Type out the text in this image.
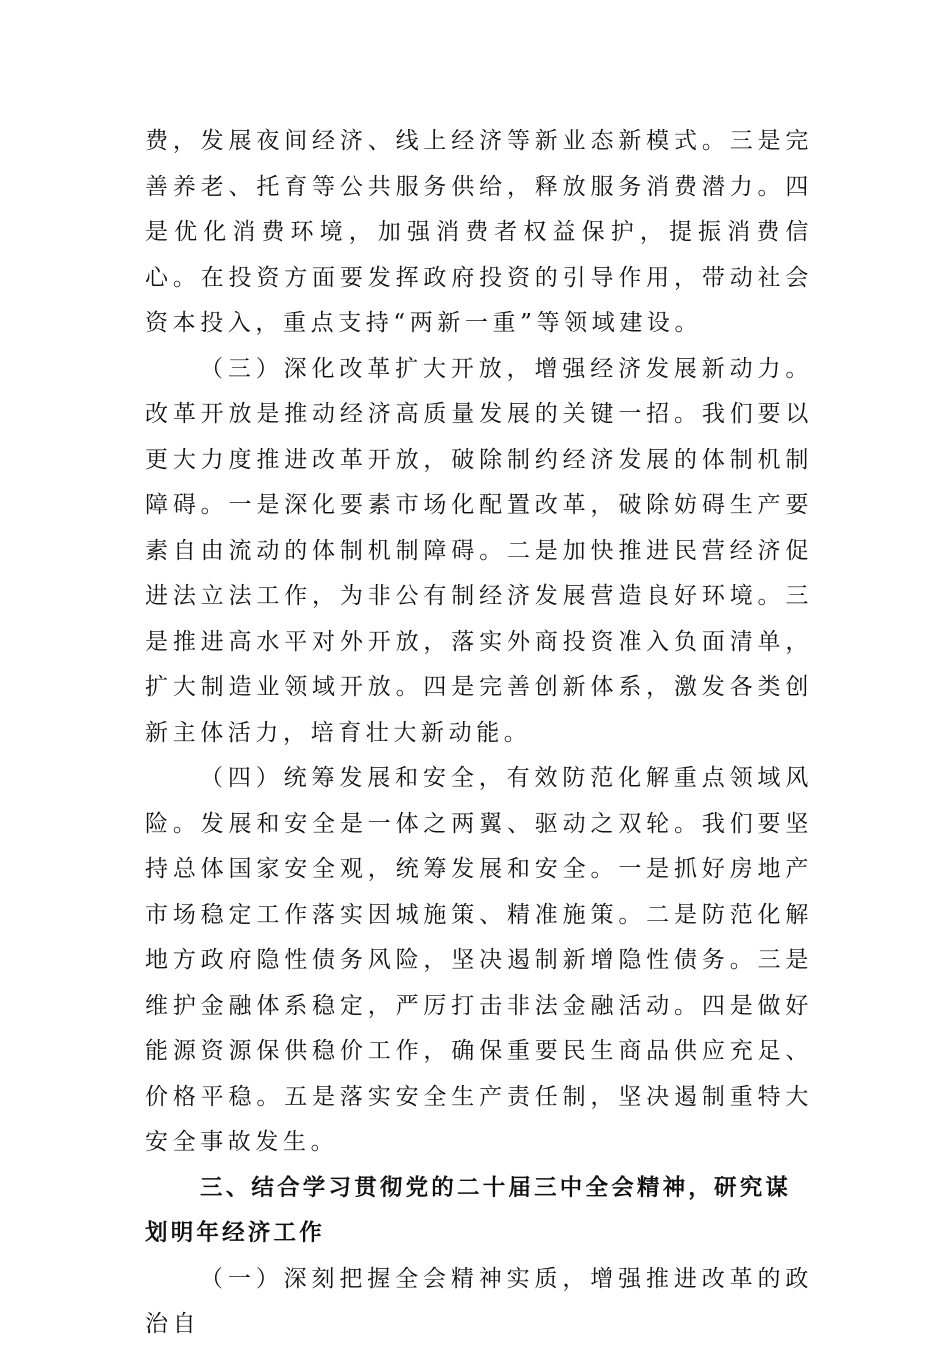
费，发展夜间经济、线上经济等新业态新模式。三是完善养老、托育等公共服务供给，释放服务消费潜力。四是优化消费环境，加强消费者权益保护，提振消费信心。在投资方面要发挥政府投资的引导作用，带动社会资本投入，重点支持“两新一重”等领域建设。

（三）深化改革扩大开放，增强经济发展新动力。改革开放是推动经济高质量发展的关键一招。我们要以更大力度推进改革开放，破除制约经济发展的体制机制障碍。一是深化要素市场化配置改革，破除妨碍生产要素自由流动的体制机制障碍。二是加快推进民营经济促进法立法工作，为非公有制经济发展营造良好环境。三是推进高水平对外开放，落实外商投资准入负面清单，扩大制造业领域开放。四是完善创新体系，激发各类创新主体活力，培育壮大新动能。

（四）统筹发展和安全，有效防范化解重点领域风险。发展和安全是一体之两翼、驱动之双轮。我们要坚持总体国家安全观，统筹发展和安全。一是抓好房地产市场稳定工作落实因城施策、精准施策。二是防范化解地方政府隐性债务风险，坚决遏制新增隐性债务。三是维护金融体系稳定，严厉打击非法金融活动。四是做好能源资源保供稳价工作，确保重要民生商品供应充足、价格平稳。五是落实安全生产责任制，坚决遏制重特大安全事故发生。

三、结合学习贯彻党的二十届三中全会精神，研究谋划明年经济工作

（一）深刻把握全会精神实质，增强推进改革的政治自
